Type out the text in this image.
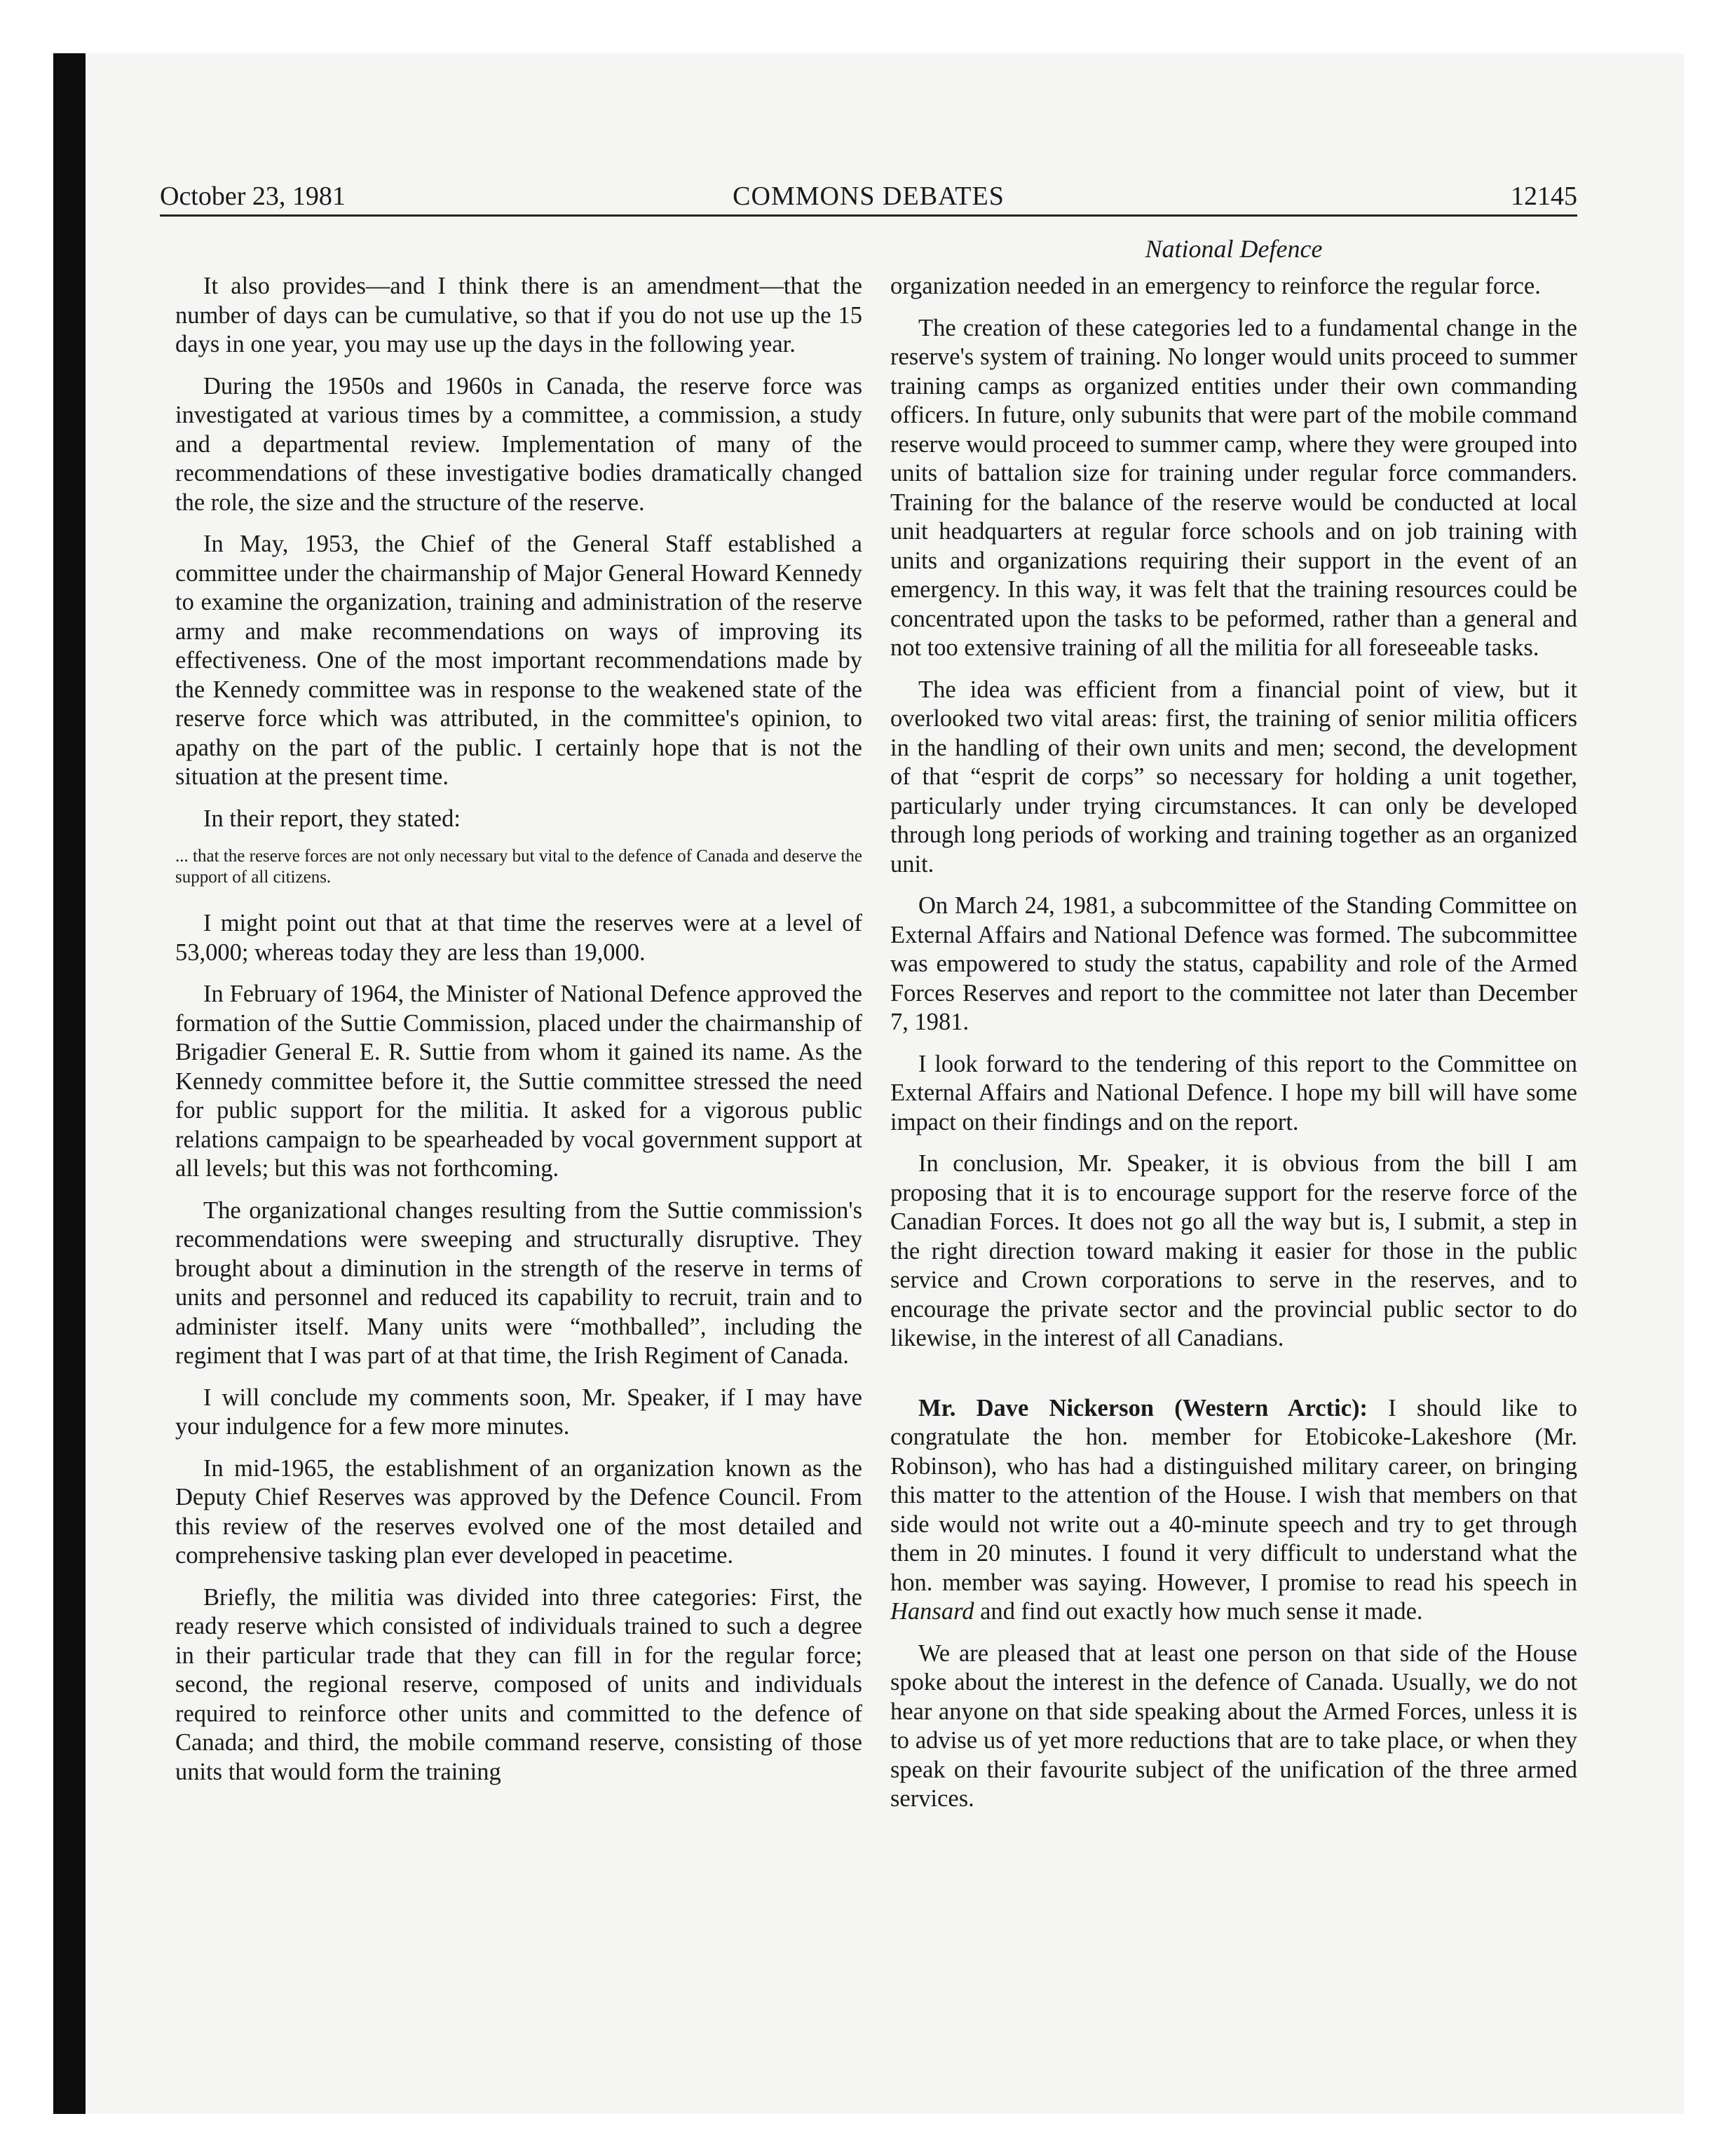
October 23, 1981	COMMONS DEBATES	12145
National Defence

It also provides—and I think there is an amendment—that the number of days can be cumulative, so that if you do not use up the 15 days in one year, you may use up the days in the following year.

During the 1950s and 1960s in Canada, the reserve force was investigated at various times by a committee, a commission, a study and a departmental review. Implementation of many of the recommendations of these investigative bodies dramatically changed the role, the size and the structure of the reserve.

In May, 1953, the Chief of the General Staff established a committee under the chairmanship of Major General Howard Kennedy to examine the organization, training and administration of the reserve army and make recommendations on ways of improving its effectiveness. One of the most important recommendations made by the Kennedy committee was in response to the weakened state of the reserve force which was attributed, in the committee's opinion, to apathy on the part of the public. I certainly hope that is not the situation at the present time.

In their report, they stated:

... that the reserve forces are not only necessary but vital to the defence of Canada and deserve the support of all citizens.

I might point out that at that time the reserves were at a level of 53,000; whereas today they are less than 19,000.

In February of 1964, the Minister of National Defence approved the formation of the Suttie Commission, placed under the chairmanship of Brigadier General E. R. Suttie from whom it gained its name. As the Kennedy committee before it, the Suttie committee stressed the need for public support for the militia. It asked for a vigorous public relations campaign to be spearheaded by vocal government support at all levels; but this was not forthcoming.

The organizational changes resulting from the Suttie commission's recommendations were sweeping and structurally disruptive. They brought about a diminution in the strength of the reserve in terms of units and personnel and reduced its capability to recruit, train and to administer itself. Many units were “mothballed”, including the regiment that I was part of at that time, the Irish Regiment of Canada.

I will conclude my comments soon, Mr. Speaker, if I may have your indulgence for a few more minutes.

In mid-1965, the establishment of an organization known as the Deputy Chief Reserves was approved by the Defence Council. From this review of the reserves evolved one of the most detailed and comprehensive tasking plan ever developed in peacetime.

Briefly, the militia was divided into three categories: First, the ready reserve which consisted of individuals trained to such a degree in their particular trade that they can fill in for the regular force; second, the regional reserve, composed of units and individuals required to reinforce other units and committed to the defence of Canada; and third, the mobile command reserve, consisting of those units that would form the training

organization needed in an emergency to reinforce the regular force.

The creation of these categories led to a fundamental change in the reserve's system of training. No longer would units proceed to summer training camps as organized entities under their own commanding officers. In future, only subunits that were part of the mobile command reserve would proceed to summer camp, where they were grouped into units of battalion size for training under regular force commanders. Training for the balance of the reserve would be conducted at local unit headquarters at regular force schools and on job training with units and organizations requiring their support in the event of an emergency. In this way, it was felt that the training resources could be concentrated upon the tasks to be peformed, rather than a general and not too extensive training of all the militia for all foreseeable tasks.

The idea was efficient from a financial point of view, but it overlooked two vital areas: first, the training of senior militia officers in the handling of their own units and men; second, the development of that “esprit de corps” so necessary for holding a unit together, particularly under trying circumstances. It can only be developed through long periods of working and training together as an organized unit.

On March 24, 1981, a subcommittee of the Standing Committee on External Affairs and National Defence was formed. The subcommittee was empowered to study the status, capability and role of the Armed Forces Reserves and report to the committee not later than December 7, 1981.

I look forward to the tendering of this report to the Committee on External Affairs and National Defence. I hope my bill will have some impact on their findings and on the report.

In conclusion, Mr. Speaker, it is obvious from the bill I am proposing that it is to encourage support for the reserve force of the Canadian Forces. It does not go all the way but is, I submit, a step in the right direction toward making it easier for those in the public service and Crown corporations to serve in the reserves, and to encourage the private sector and the provincial public sector to do likewise, in the interest of all Canadians.

Mr. Dave Nickerson (Western Arctic): I should like to congratulate the hon. member for Etobicoke-Lakeshore (Mr. Robinson), who has had a distinguished military career, on bringing this matter to the attention of the House. I wish that members on that side would not write out a 40-minute speech and try to get through them in 20 minutes. I found it very difficult to understand what the hon. member was saying. However, I promise to read his speech in Hansard and find out exactly how much sense it made.

We are pleased that at least one person on that side of the House spoke about the interest in the defence of Canada. Usually, we do not hear anyone on that side speaking about the Armed Forces, unless it is to advise us of yet more reductions that are to take place, or when they speak on their favourite subject of the unification of the three armed services.
